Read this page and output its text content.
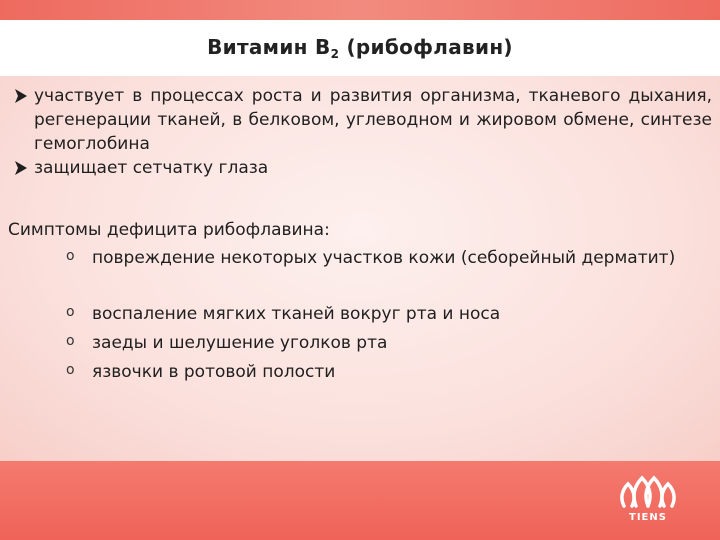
Витамин $В_2$ (рибофлавин)
участвует в процессах роста и развития организма, тканевого дыхания, регенерации тканей, в белковом, углеводном и жировом обмене, синтезе гемоглобина
защищает сетчатку глаза
Симптомы дефицита рибофлавина:
o повреждение некоторых участков кожи (себорейный дерматит)
o воспаление мягких тканей вокруг рта и носа
o заеды и шелушение уголков рта
o язвочки в ротовой полости
TIENS
